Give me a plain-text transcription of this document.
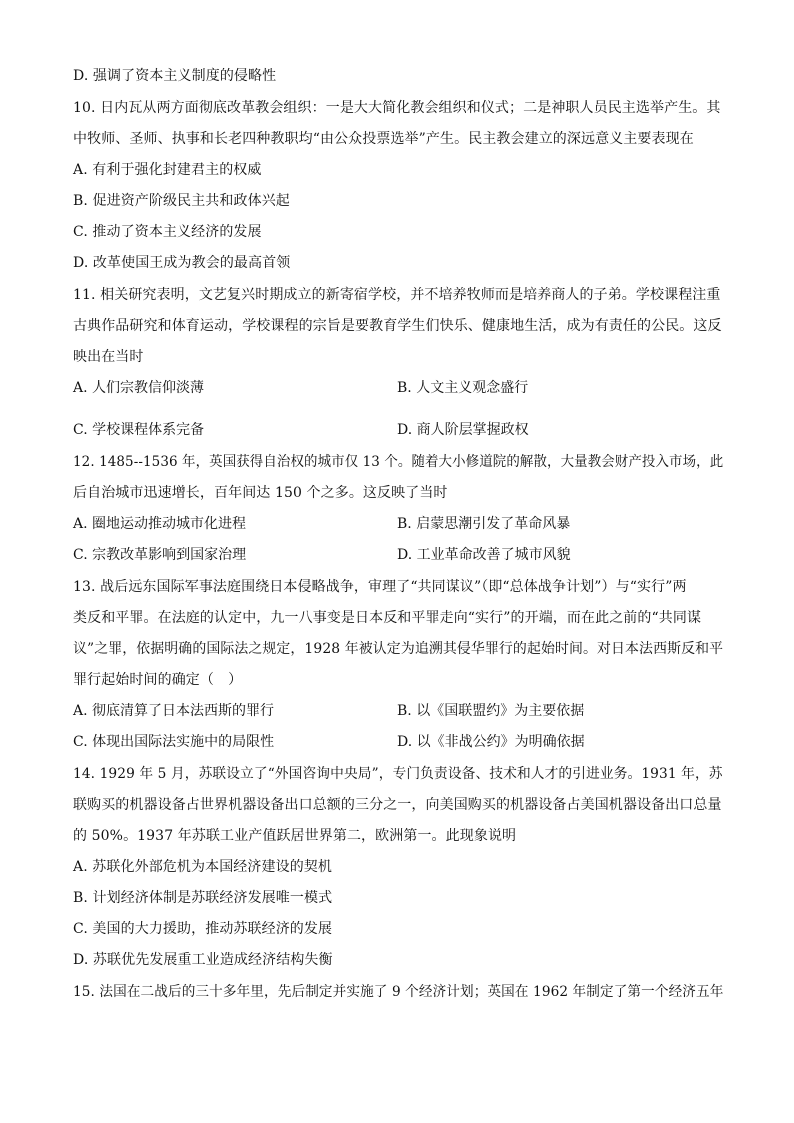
D. 强调了资本主义制度的侵略性
10. 日内瓦从两方面彻底改革教会组织：一是大大简化教会组织和仪式；二是神职人员民主选举产生。其
中牧师、圣师、执事和长老四种教职均“由公众投票选举”产生。民主教会建立的深远意义主要表现在
A. 有利于强化封建君主的权威
B. 促进资产阶级民主共和政体兴起
C. 推动了资本主义经济的发展
D. 改革使国王成为教会的最高首领
11. 相关研究表明，文艺复兴时期成立的新寄宿学校，并不培养牧师而是培养商人的子弟。学校课程注重
古典作品研究和体育运动，学校课程的宗旨是要教育学生们快乐、健康地生活，成为有责任的公民。这反
映出在当时
A. 人们宗教信仰淡薄	B. 人文主义观念盛行
C. 学校课程体系完备	D. 商人阶层掌握政权
12. 1485--1536 年，英国获得自治权的城市仅 13 个。随着大小修道院的解散，大量教会财产投入市场，此
后自治城市迅速增长，百年间达 150 个之多。这反映了当时
A. 圈地运动推动城市化进程	B. 启蒙思潮引发了革命风暴
C. 宗教改革影响到国家治理	D. 工业革命改善了城市风貌
13. 战后远东国际军事法庭围绕日本侵略战争，审理了“共同谋议”（即“总体战争计划”）与“实行”两
类反和平罪。在法庭的认定中，九一八事变是日本反和平罪走向“实行”的开端，而在此之前的“共同谋
议”之罪，依据明确的国际法之规定，1928 年被认定为追溯其侵华罪行的起始时间。对日本法西斯反和平
罪行起始时间的确定（　）
A. 彻底清算了日本法西斯的罪行	B. 以《国联盟约》为主要依据
C. 体现出国际法实施中的局限性	D. 以《非战公约》为明确依据
14. 1929 年 5 月，苏联设立了“外国咨询中央局”，专门负责设备、技术和人才的引进业务。1931 年，苏
联购买的机器设备占世界机器设备出口总额的三分之一，向美国购买的机器设备占美国机器设备出口总量
的 50%。1937 年苏联工业产值跃居世界第二，欧洲第一。此现象说明
A. 苏联化外部危机为本国经济建设的契机
B. 计划经济体制是苏联经济发展唯一模式
C. 美国的大力援助，推动苏联经济的发展
D. 苏联优先发展重工业造成经济结构失衡
15. 法国在二战后的三十多年里，先后制定并实施了 9 个经济计划；英国在 1962 年制定了第一个经济五年
